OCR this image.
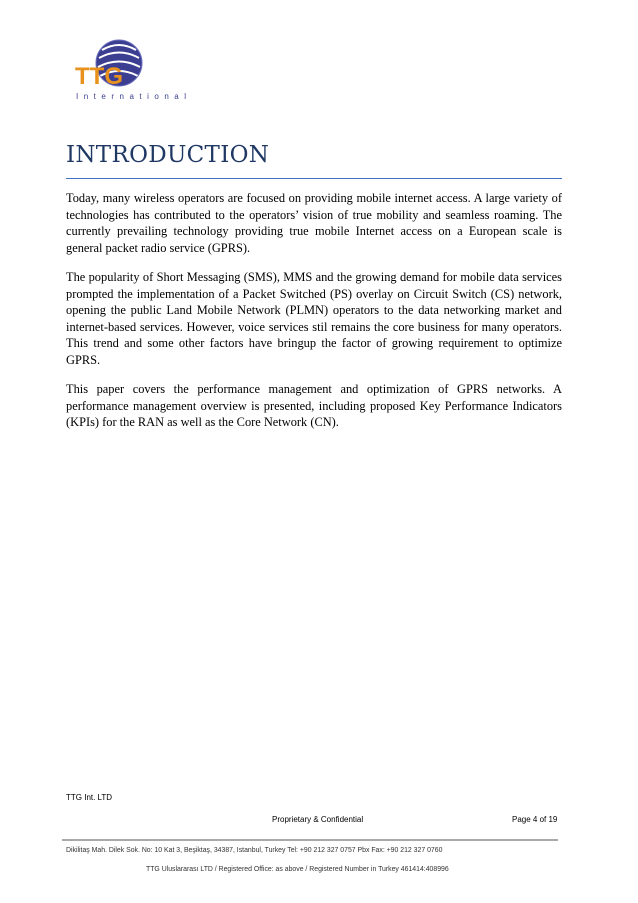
TTG
International
INTRODUCTION

Today, many wireless operators are focused on providing mobile internet access. A large variety of technologies has contributed to the operators’ vision of true mobility and seamless roaming. The currently prevailing technology providing true mobile Internet access on a European scale is general packet radio service (GPRS).

The popularity of Short Messaging (SMS), MMS and the growing demand for mobile data services prompted the implementation of a Packet Switched (PS) overlay on Circuit Switch (CS) network, opening the public Land Mobile Network (PLMN) operators to the data networking market and internet-based services. However, voice services stil remains the core business for many operators. This trend and some other factors have bringup the factor of growing requirement to optimize GPRS.

This paper covers the performance management and optimization of GPRS networks. A performance management overview is presented, including proposed Key Performance Indicators (KPIs) for the RAN as well as the Core Network (CN).

TTG Int. LTD
Proprietary & Confidential	Page 4 of 19
Dikilitaş Mah. Dilek Sok. No: 10 Kat 3, Beşiktaş, 34387, Istanbul, Turkey Tel: +90 212 327 0757 Pbx Fax: +90 212 327 0760
TTG Uluslararası LTD / Registered Office: as above / Registered Number in Turkey 461414:408996
